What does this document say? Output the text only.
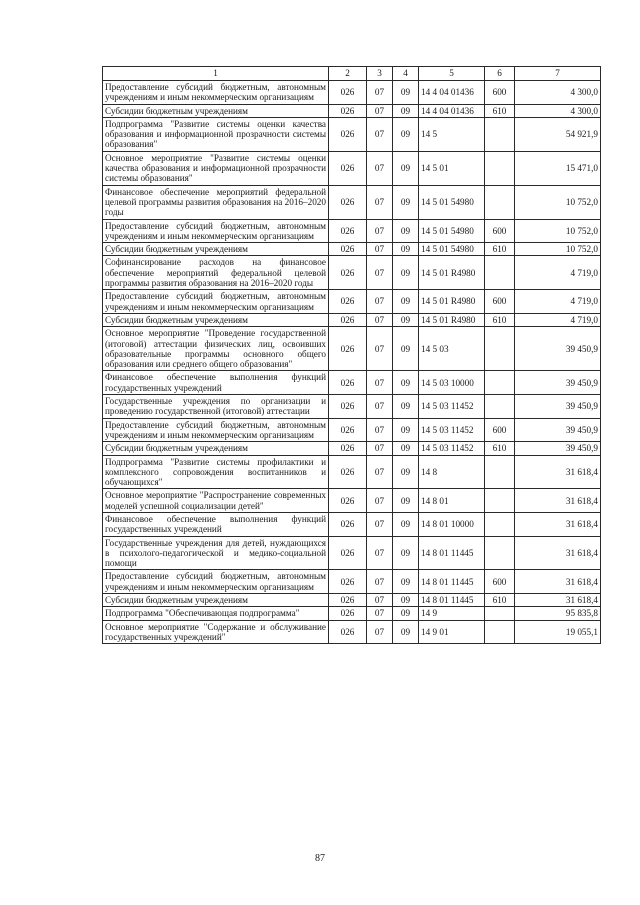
1	2	3	4	5	6	7
Предоставление субсидий бюджетным, автономным учреждениям и иным некоммерческим организациям	026	07	09	14 4 04 01436	600	4 300,0
Субсидии бюджетным учреждениям	026	07	09	14 4 04 01436	610	4 300,0
Подпрограмма "Развитие системы оценки качества образования и информационной прозрачности системы образования"	026	07	09	14 5		54 921,9
Основное мероприятие "Развитие системы оценки качества образования и информационной прозрачности системы образования"	026	07	09	14 5 01		15 471,0
Финансовое обеспечение мероприятий федеральной целевой программы развития образования на 2016–2020 годы	026	07	09	14 5 01 54980		10 752,0
Предоставление субсидий бюджетным, автономным учреждениям и иным некоммерческим организациям	026	07	09	14 5 01 54980	600	10 752,0
Субсидии бюджетным учреждениям	026	07	09	14 5 01 54980	610	10 752,0
Софинансирование расходов на финансовое обеспечение мероприятий федеральной целевой программы развития образования на 2016–2020 годы	026	07	09	14 5 01 R4980		4 719,0
Предоставление субсидий бюджетным, автономным учреждениям и иным некоммерческим организациям	026	07	09	14 5 01 R4980	600	4 719,0
Субсидии бюджетным учреждениям	026	07	09	14 5 01 R4980	610	4 719,0
Основное мероприятие "Проведение государственной (итоговой) аттестации физических лиц, освоивших образовательные программы основного общего образования или среднего общего образования"	026	07	09	14 5 03		39 450,9
Финансовое обеспечение выполнения функций государственных учреждений	026	07	09	14 5 03 10000		39 450,9
Государственные учреждения по организации и проведению государственной (итоговой) аттестации	026	07	09	14 5 03 11452		39 450,9
Предоставление субсидий бюджетным, автономным учреждениям и иным некоммерческим организациям	026	07	09	14 5 03 11452	600	39 450,9
Субсидии бюджетным учреждениям	026	07	09	14 5 03 11452	610	39 450,9
Подпрограмма "Развитие системы профилактики и комплексного сопровождения воспитанников и обучающихся"	026	07	09	14 8		31 618,4
Основное мероприятие "Распространение современных моделей успешной социализации детей"	026	07	09	14 8 01		31 618,4
Финансовое обеспечение выполнения функций государственных учреждений	026	07	09	14 8 01 10000		31 618,4
Государственные учреждения для детей, нуждающихся в психолого-педагогической и медико-социальной помощи	026	07	09	14 8 01 11445		31 618,4
Предоставление субсидий бюджетным, автономным учреждениям и иным некоммерческим организациям	026	07	09	14 8 01 11445	600	31 618,4
Субсидии бюджетным учреждениям	026	07	09	14 8 01 11445	610	31 618,4
Подпрограмма "Обеспечивающая подпрограмма"	026	07	09	14 9		95 835,8
Основное мероприятие "Содержание и обслуживание государственных учреждений"	026	07	09	14 9 01		19 055,1
87
